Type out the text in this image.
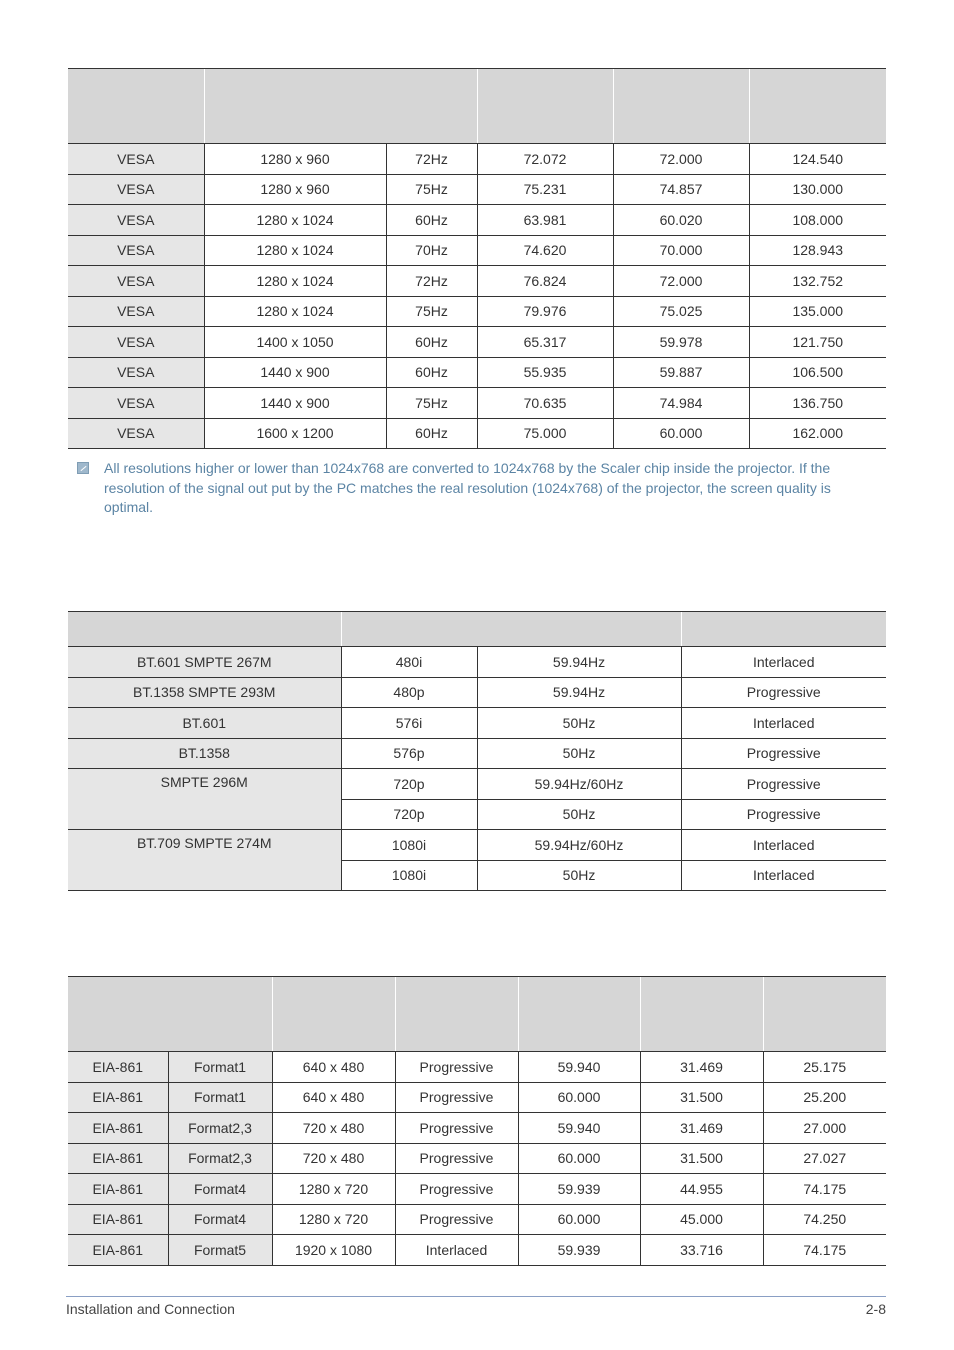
VESA	1280 x 960	72Hz	72.072	72.000	124.540
VESA	1280 x 960	75Hz	75.231	74.857	130.000
VESA	1280 x 1024	60Hz	63.981	60.020	108.000
VESA	1280 x 1024	70Hz	74.620	70.000	128.943
VESA	1280 x 1024	72Hz	76.824	72.000	132.752
VESA	1280 x 1024	75Hz	79.976	75.025	135.000
VESA	1400 x 1050	60Hz	65.317	59.978	121.750
VESA	1440 x 900	60Hz	55.935	59.887	106.500
VESA	1440 x 900	75Hz	70.635	74.984	136.750
VESA	1600 x 1200	60Hz	75.000	60.000	162.000
All resolutions higher or lower than 1024x768 are converted to 1024x768 by the Scaler chip inside the projector. If the resolution of the signal out put by the PC matches the real resolution (1024x768) of the projector, the screen quality is optimal.

BT.601 SMPTE 267M	480i	59.94Hz	Interlaced
BT.1358 SMPTE 293M	480p	59.94Hz	Progressive
BT.601	576i	50Hz	Interlaced
BT.1358	576p	50Hz	Progressive
SMPTE 296M	720p	59.94Hz/60Hz	Progressive
	720p	50Hz	Progressive
BT.709 SMPTE 274M	1080i	59.94Hz/60Hz	Interlaced
	1080i	50Hz	Interlaced

EIA-861	Format1	640 x 480	Progressive	59.940	31.469	25.175
EIA-861	Format1	640 x 480	Progressive	60.000	31.500	25.200
EIA-861	Format2,3	720 x 480	Progressive	59.940	31.469	27.000
EIA-861	Format2,3	720 x 480	Progressive	60.000	31.500	27.027
EIA-861	Format4	1280 x 720	Progressive	59.939	44.955	74.175
EIA-861	Format4	1280 x 720	Progressive	60.000	45.000	74.250
EIA-861	Format5	1920 x 1080	Interlaced	59.939	33.716	74.175
Installation and Connection	2-8
